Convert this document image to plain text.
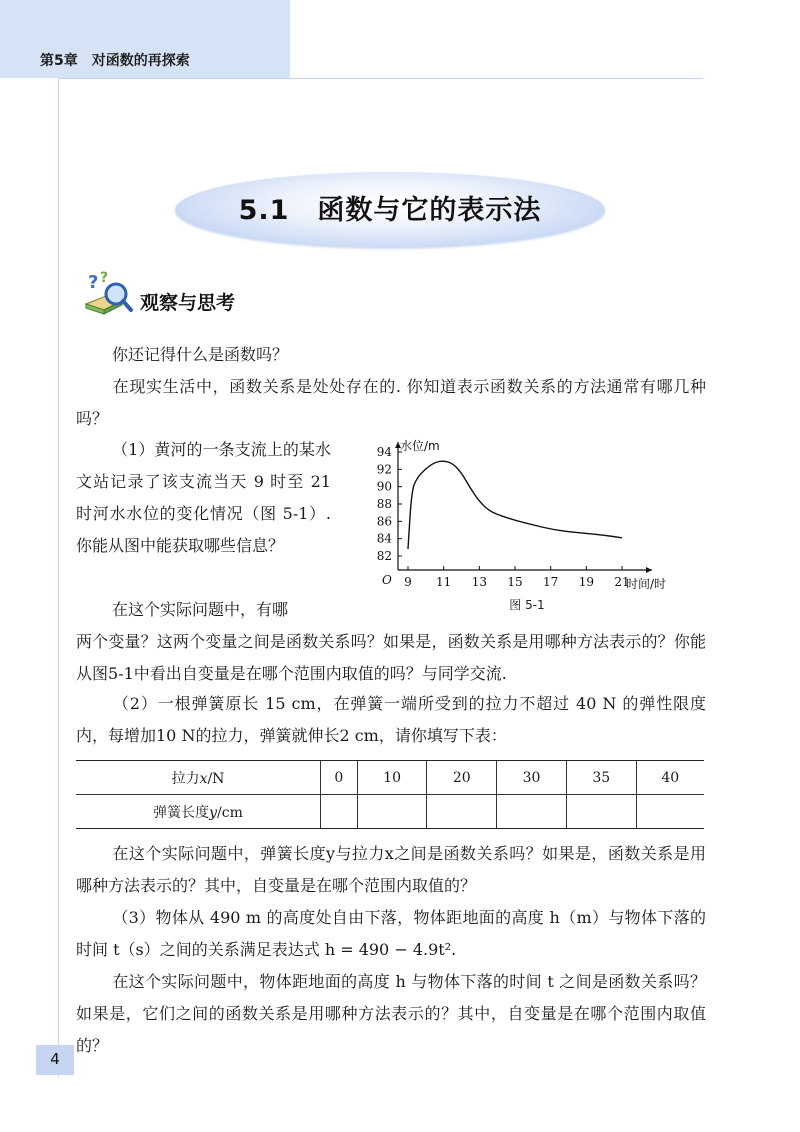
第5章　对函数的再探索
5.1　函数与它的表示法
? ?
观察与思考

你还记得什么是函数吗？

在现实生活中，函数关系是处处存在的. 你知道表示函数关系的方法通常有哪几种吗？

（1）黄河的一条支流上的某水文站记录了该支流当天 9 时至 21 时河水水位的变化情况（图 5-1）. 你能从图中能获取哪些信息？

在这个实际问题中，有哪

两个变量？这两个变量之间是函数关系吗？如果是，函数关系是用哪种方法表示的？你能从图5-1中看出自变量是在哪个范围内取值的吗？与同学交流.

（2）一根弹簧原长 15 cm，在弹簧一端所受到的拉力不超过 40 N 的弹性限度内，每增加10 N的拉力，弹簧就伸长2 cm，请你填写下表：

9 11 13 15 17 19 21
82
84
86
88
90
92
94 水位/m
时间/时
O
图 5-1
拉力x/N	0	10	20	30	35	40
弹簧长度y/cm						

在这个实际问题中，弹簧长度y与拉力x之间是函数关系吗？如果是，函数关系是用哪种方法表示的？其中，自变量是在哪个范围内取值的？

（3）物体从 490 m 的高度处自由下落，物体距地面的高度 h（m）与物体下落的时间 t（s）之间的关系满足表达式 h = 490 − 4.9t².

在这个实际问题中，物体距地面的高度 h 与物体下落的时间 t 之间是函数关系吗？如果是，它们之间的函数关系是用哪种方法表示的？其中，自变量是在哪个范围内取值的？

4
